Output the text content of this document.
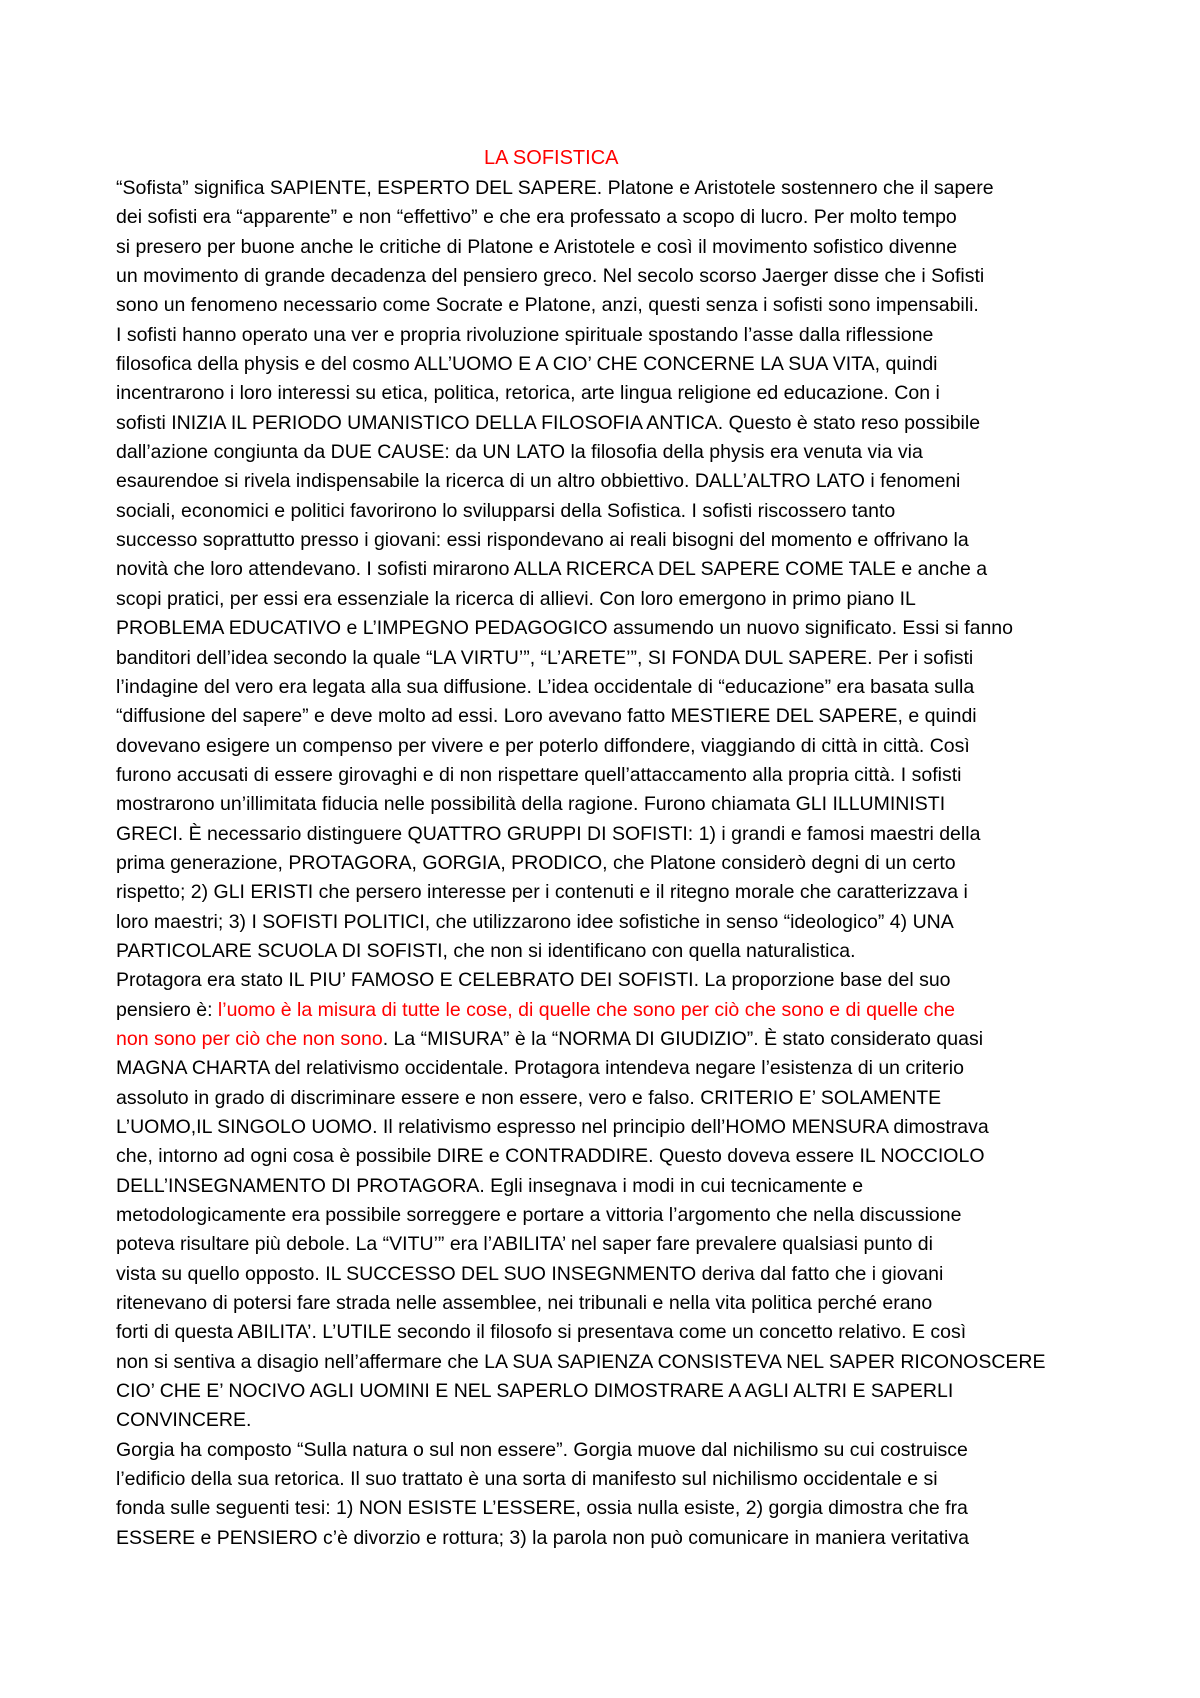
LA SOFISTICA
“Sofista” significa SAPIENTE, ESPERTO DEL SAPERE. Platone e Aristotele sostennero che il sapere
dei sofisti era “apparente” e non “effettivo” e che era professato a scopo di lucro. Per molto tempo
si presero per buone anche le critiche di Platone e Aristotele e così il movimento sofistico divenne
un movimento di grande decadenza del pensiero greco. Nel secolo scorso Jaerger disse che i Sofisti
sono un fenomeno necessario come Socrate e Platone, anzi, questi senza i sofisti sono impensabili.
I sofisti hanno operato una ver e propria rivoluzione spirituale spostando l’asse dalla riflessione
filosofica della physis e del cosmo ALL’UOMO E A CIO’ CHE CONCERNE LA SUA VITA, quindi
incentrarono i loro interessi su etica, politica, retorica, arte lingua religione ed educazione. Con i
sofisti INIZIA IL PERIODO UMANISTICO DELLA FILOSOFIA ANTICA. Questo è stato reso possibile
dall’azione congiunta da DUE CAUSE: da UN LATO la filosofia della physis era venuta via via
esaurendoe si rivela indispensabile la ricerca di un altro obbiettivo. DALL’ALTRO LATO i fenomeni
sociali, economici e politici favorirono lo svilupparsi della Sofistica. I sofisti riscossero tanto
successo soprattutto presso i giovani: essi rispondevano ai reali bisogni del momento e offrivano la
novità che loro attendevano. I sofisti mirarono ALLA RICERCA DEL SAPERE COME TALE e anche a
scopi pratici, per essi era essenziale la ricerca di allievi. Con loro emergono in primo piano IL
PROBLEMA EDUCATIVO e L’IMPEGNO PEDAGOGICO assumendo un nuovo significato. Essi si fanno
banditori dell’idea secondo la quale “LA VIRTU’”, “L’ARETE’”, SI FONDA DUL SAPERE. Per i sofisti
l’indagine del vero era legata alla sua diffusione. L’idea occidentale di “educazione” era basata sulla
“diffusione del sapere” e deve molto ad essi. Loro avevano fatto MESTIERE DEL SAPERE, e quindi
dovevano esigere un compenso per vivere e per poterlo diffondere, viaggiando di città in città. Così
furono accusati di essere girovaghi e di non rispettare quell’attaccamento alla propria città. I sofisti
mostrarono un’illimitata fiducia nelle possibilità della ragione. Furono chiamata GLI ILLUMINISTI
GRECI. È necessario distinguere QUATTRO GRUPPI DI SOFISTI: 1) i grandi e famosi maestri della
prima generazione, PROTAGORA, GORGIA, PRODICO, che Platone considerò degni di un certo
rispetto; 2) GLI ERISTI che persero interesse per i contenuti e il ritegno morale che caratterizzava i
loro maestri; 3) I SOFISTI POLITICI, che utilizzarono idee sofistiche in senso “ideologico” 4) UNA
PARTICOLARE SCUOLA DI SOFISTI, che non si identificano con quella naturalistica.
Protagora era stato IL PIU’ FAMOSO E CELEBRATO DEI SOFISTI. La proporzione base del suo
pensiero è: l’uomo è la misura di tutte le cose, di quelle che sono per ciò che sono e di quelle che
non sono per ciò che non sono. La “MISURA” è la “NORMA DI GIUDIZIO”. È stato considerato quasi
MAGNA CHARTA del relativismo occidentale. Protagora intendeva negare l’esistenza di un criterio
assoluto in grado di discriminare essere e non essere, vero e falso. CRITERIO E’ SOLAMENTE
L’UOMO,IL SINGOLO UOMO. Il relativismo espresso nel principio dell’HOMO MENSURA dimostrava
che, intorno ad ogni cosa è possibile DIRE e CONTRADDIRE. Questo doveva essere IL NOCCIOLO
DELL’INSEGNAMENTO DI PROTAGORA. Egli insegnava i modi in cui tecnicamente e
metodologicamente era possibile sorreggere e portare a vittoria l’argomento che nella discussione
poteva risultare più debole. La “VITU’” era l’ABILITA’ nel saper fare prevalere qualsiasi punto di
vista su quello opposto. IL SUCCESSO DEL SUO INSEGNMENTO deriva dal fatto che i giovani
ritenevano di potersi fare strada nelle assemblee, nei tribunali e nella vita politica perché erano
forti di questa ABILITA’. L’UTILE secondo il filosofo si presentava come un concetto relativo. E così
non si sentiva a disagio nell’affermare che LA SUA SAPIENZA CONSISTEVA NEL SAPER RICONOSCERE
CIO’ CHE E’ NOCIVO AGLI UOMINI E NEL SAPERLO DIMOSTRARE A AGLI ALTRI E SAPERLI
CONVINCERE.
Gorgia ha composto “Sulla natura o sul non essere”. Gorgia muove dal nichilismo su cui costruisce
l’edificio della sua retorica. Il suo trattato è una sorta di manifesto sul nichilismo occidentale e si
fonda sulle seguenti tesi: 1) NON ESISTE L’ESSERE, ossia nulla esiste, 2) gorgia dimostra che fra
ESSERE e PENSIERO c’è divorzio e rottura; 3) la parola non può comunicare in maniera veritativa
